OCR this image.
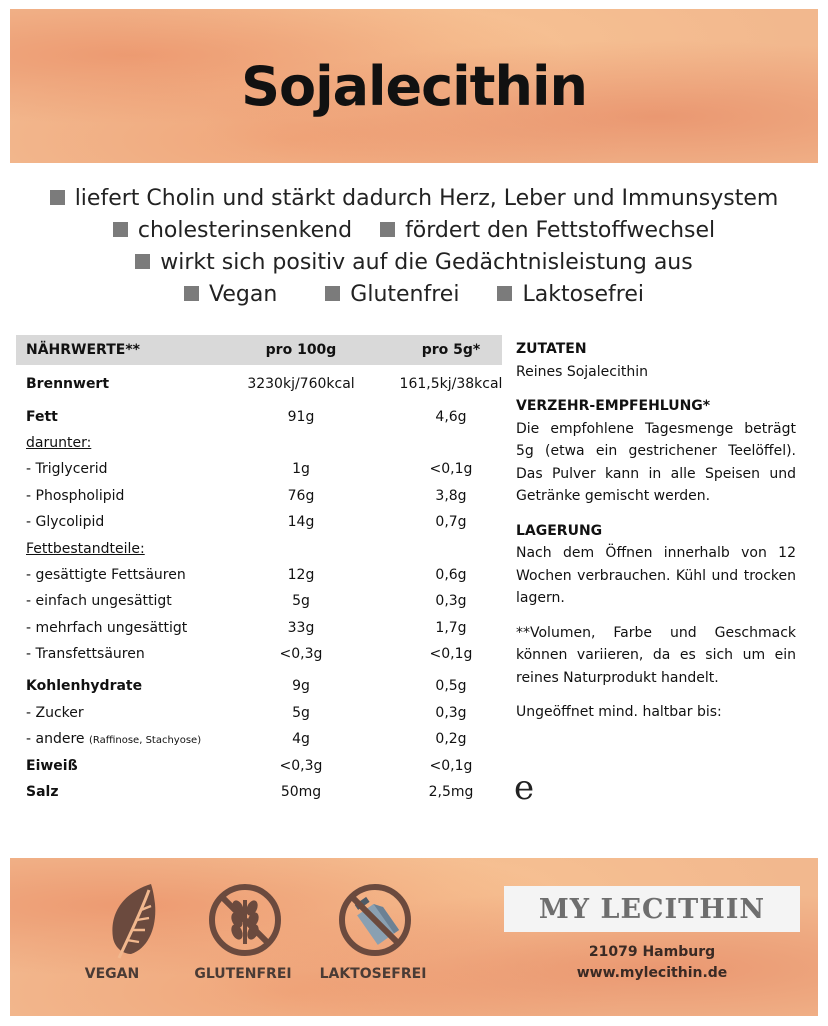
Sojalecithin
liefert Cholin und stärkt dadurch Herz, Leber und Immunsystem
cholesterinsenkend fördert den Fettstoffwechsel
wirkt sich positiv auf die Gedächtnisleistung aus
Vegan	Glutenfrei	Laktosefrei
NÄHRWERTE**	pro 100g	pro 5g*
Brennwert	3230kj/760kcal	161,5kj/38kcal
Fett	91g	4,6g
darunter:
- Triglycerid	1g	<0,1g
- Phospholipid	76g	3,8g
- Glycolipid	14g	0,7g
Fettbestandteile:
- gesättigte Fettsäuren	12g	0,6g
- einfach ungesättigt	5g	0,3g
- mehrfach ungesättigt	33g	1,7g
- Transfettsäuren	<0,3g	<0,1g
Kohlenhydrate	9g	0,5g
- Zucker	5g	0,3g
- andere (Raffinose, Stachyose)	4g	0,2g
Eiweiß	<0,3g	<0,1g
Salz	50mg	2,5mg
ZUTATEN

Reines Sojalecithin

VERZEHR-EMPFEHLUNG*

Die empfohlene Tagesmenge beträgt 5g (etwa ein gestrichener Teelöffel). Das Pulver kann in alle Speisen und Getränke gemischt werden.

LAGERUNG

Nach dem Öffnen innerhalb von 12 Wochen verbrauchen. Kühl und trocken lagern.

**Volumen, Farbe und Geschmack können variieren, da es sich um ein reines Naturprodukt handelt.

Ungeöffnet mind. haltbar bis:

e
VEGAN	GLUTENFREI	LAKTOSEFREI
MY LECITHIN
21079 Hamburg
www.mylecithin.de
